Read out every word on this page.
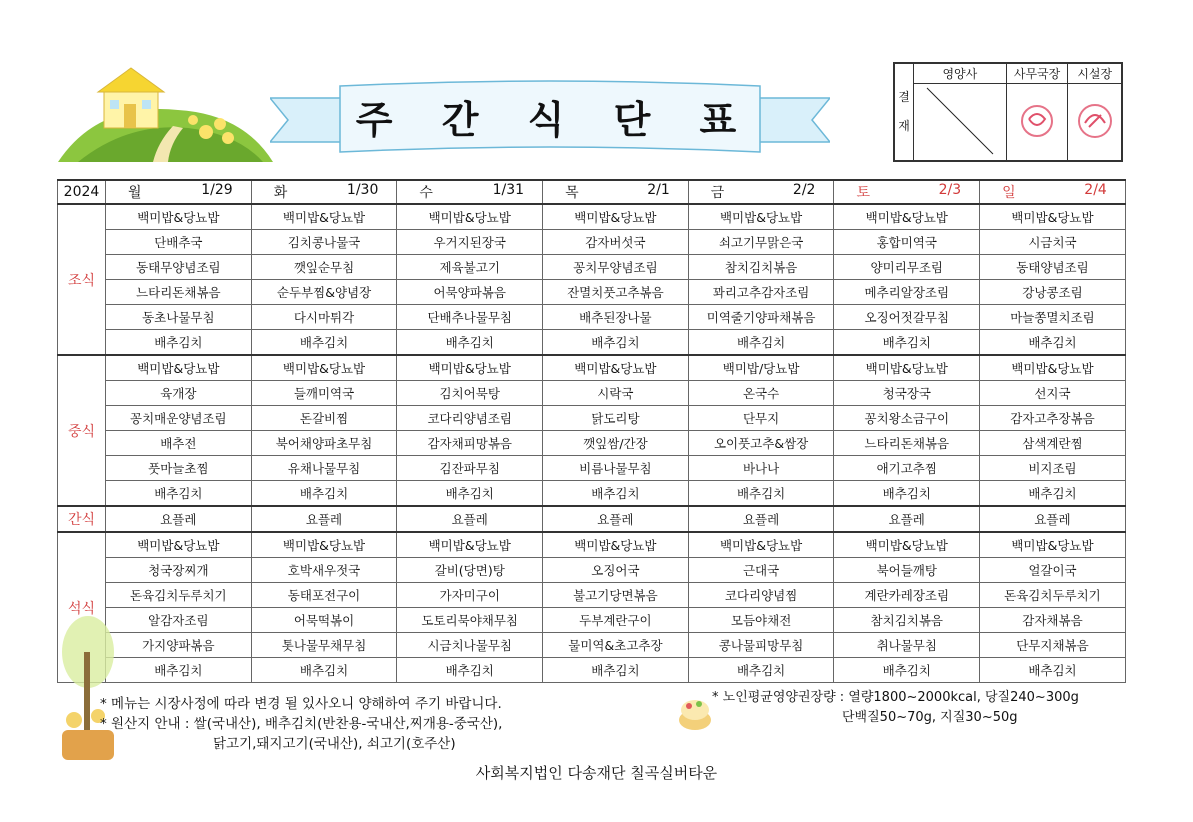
주 간 식 단 표	결

재	영양사	사무국장	시설장

2024	월 1/29	화 1/30	수 1/31	목 2/1	금 2/2	토 2/3	일 2/4

조식	백미밥&당뇨밥	백미밥&당뇨밥	백미밥&당뇨밥	백미밥&당뇨밥	백미밥&당뇨밥	백미밥&당뇨밥	백미밥&당뇨밥
	단배추국	김치콩나물국	우거지된장국	감자버섯국	쇠고기무맑은국	홍합미역국	시금치국
	동태무양념조림	깻잎순무침	제육불고기	꽁치무양념조림	참치김치볶음	양미리무조림	동태양념조림
	느타리돈채볶음	순두부찜&양념장	어묵양파볶음	잔멸치풋고추볶음	꽈리고추감자조림	메추리알장조림	강낭콩조림
	동초나물무침	다시마튀각	단배추나물무침	배추된장나물	미역줄기양파채볶음	오징어젓갈무침	마늘쫑멸치조림
	배추김치	배추김치	배추김치	배추김치	배추김치	배추김치	배추김치
중식	백미밥&당뇨밥	백미밥&당뇨밥	백미밥&당뇨밥	백미밥&당뇨밥	백미밥/당뇨밥	백미밥&당뇨밥	백미밥&당뇨밥
	육개장	들깨미역국	김치어묵탕	시락국	온국수	청국장국	선지국
	꽁치매운양념조림	돈갈비찜	코다리양념조림	닭도리탕	단무지	꽁치왕소금구이	감자고추장볶음
	배추전	북어채양파초무침	감자채피망볶음	깻잎쌈/간장	오이풋고추&쌈장	느타리돈채볶음	삼색계란찜
	풋마늘초찜	유채나물무침	김잔파무침	비름나물무침	바나나	애기고추찜	비지조림
	배추김치	배추김치	배추김치	배추김치	배추김치	배추김치	배추김치
간식	요플레	요플레	요플레	요플레	요플레	요플레	요플레
석식	백미밥&당뇨밥	백미밥&당뇨밥	백미밥&당뇨밥	백미밥&당뇨밥	백미밥&당뇨밥	백미밥&당뇨밥	백미밥&당뇨밥
	청국장찌개	호박새우젓국	갈비(당면)탕	오징어국	근대국	북어들깨탕	얼갈이국
	돈육김치두루치기	동태포전구이	가자미구이	불고기당면볶음	코다리양념찜	계란카레장조림	돈육김치두루치기
	알감자조림	어묵떡볶이	도토리묵야채무침	두부계란구이	모듬야채전	참치김치볶음	감자채볶음
	가지양파볶음	톳나물무채무침	시금치나물무침	물미역&초고추장	콩나물피망무침	취나물무침	단무지채볶음
	배추김치	배추김치	배추김치	배추김치	배추김치	배추김치	배추김치
* 메뉴는 시장사정에 따라 변경 될 있사오니 양해하여 주기 바랍니다.
* 원산지 안내 : 쌀(국내산), 배추김치(반찬용-국내산,찌개용-중국산),
닭고기,돼지고기(국내산), 쇠고기(호주산)
* 노인평균영양권장량 : 열량1800~2000kcal, 당질240~300g
단백질50~70g, 지질30~50g
사회복지법인 다송재단 칠곡실버타운
